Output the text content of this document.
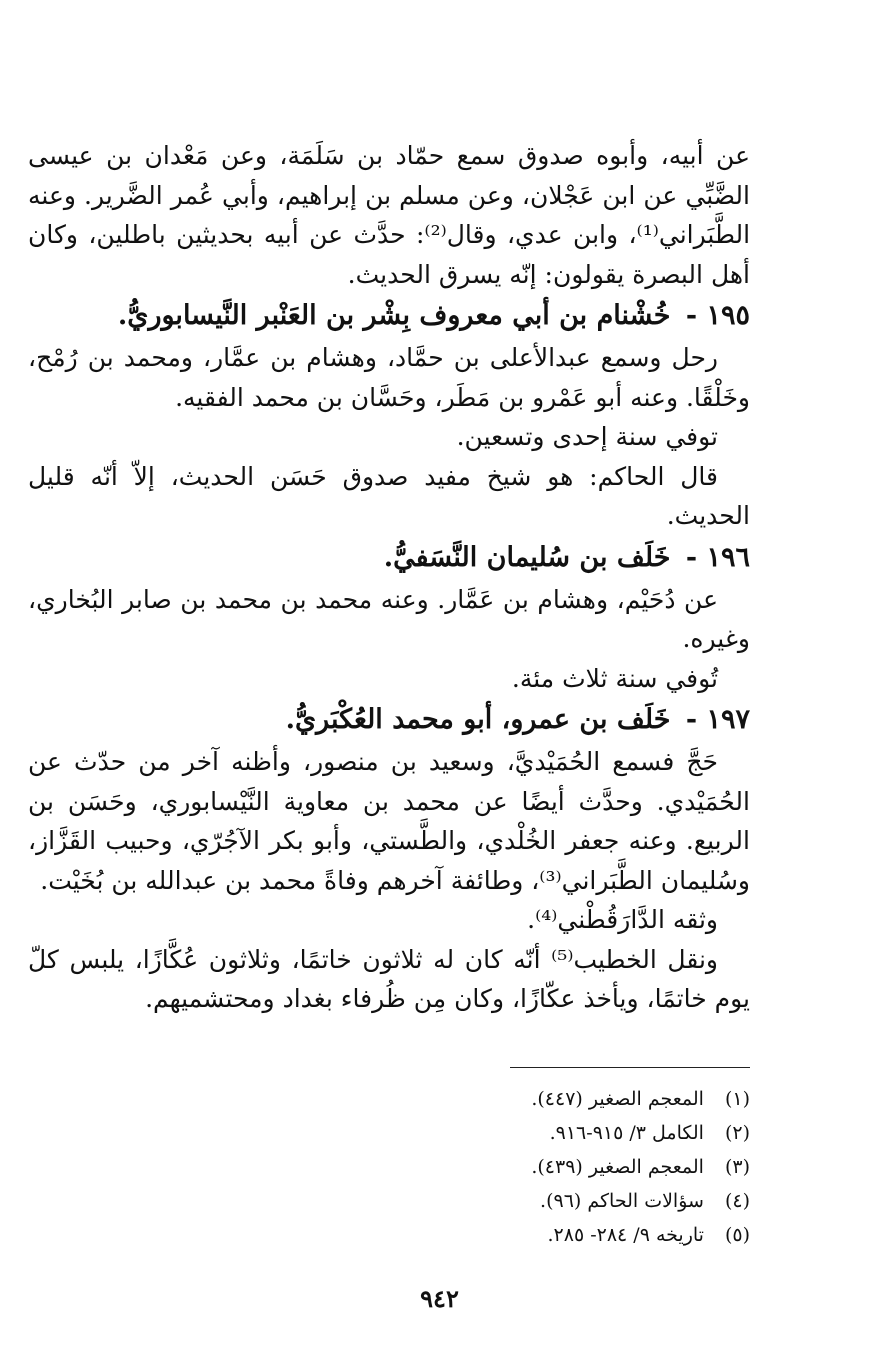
عن أبيه، وأبوه صدوق سمع حمّاد بن سَلَمَة، وعن مَعْدان بن عيسى الضَّبِّي عن ابن عَجْلان، وعن مسلم بن إبراهيم، وأبي عُمر الضَّرير. وعنه الطَّبَراني⁽¹⁾، وابن عدي، وقال⁽²⁾: حدَّث عن أبيه بحديثين باطلين، وكان أهل البصرة يقولون: إنّه يسرق الحديث.

١٩٥ - خُشْنام بن أبي معروف بِشْر بن العَنْبر النَّيسابوريُّ.

رحل وسمع عبدالأعلى بن حمَّاد، وهشام بن عمَّار، ومحمد بن رُمْح، وخَلْقًا. وعنه أبو عَمْرو بن مَطَر، وحَسَّان بن محمد الفقيه.

توفي سنة إحدى وتسعين.

قال الحاكم: هو شيخ مفيد صدوق حَسَن الحديث، إلاّ أنّه قليل الحديث.

١٩٦ - خَلَف بن سُليمان النَّسَفيُّ.

عن دُحَيْم، وهشام بن عَمَّار. وعنه محمد بن محمد بن صابر البُخاري، وغيره.

تُوفي سنة ثلاث مئة.

١٩٧ - خَلَف بن عمرو، أبو محمد العُكْبَريُّ.

حَجَّ فسمع الحُمَيْديَّ، وسعيد بن منصور، وأظنه آخر من حدّث عن الحُمَيْدي. وحدَّث أيضًا عن محمد بن معاوية النَّيْسابوري، وحَسَن بن الربيع. وعنه جعفر الخُلْدي، والطَّستي، وأبو بكر الآجُرّي، وحبيب القَزَّاز، وسُليمان الطَّبَراني⁽³⁾، وطائفة آخرهم وفاةً محمد بن عبدالله بن بُخَيْت.

وثقه الدَّارَقُطْني⁽⁴⁾.

ونقل الخطيب⁽⁵⁾ أنّه كان له ثلاثون خاتمًا، وثلاثون عُكَّازًا، يلبس كلّ يوم خاتمًا، ويأخذ عكّازًا، وكان مِن ظُرفاء بغداد ومحتشميهم.

(١) المعجم الصغير (٤٤٧).
(٢) الكامل ٣/ ٩١٥-٩١٦.
(٣) المعجم الصغير (٤٣٩).
(٤) سؤالات الحاكم (٩٦).
(٥) تاريخه ٩/ ٢٨٤- ٢٨٥.
٩٤٢
